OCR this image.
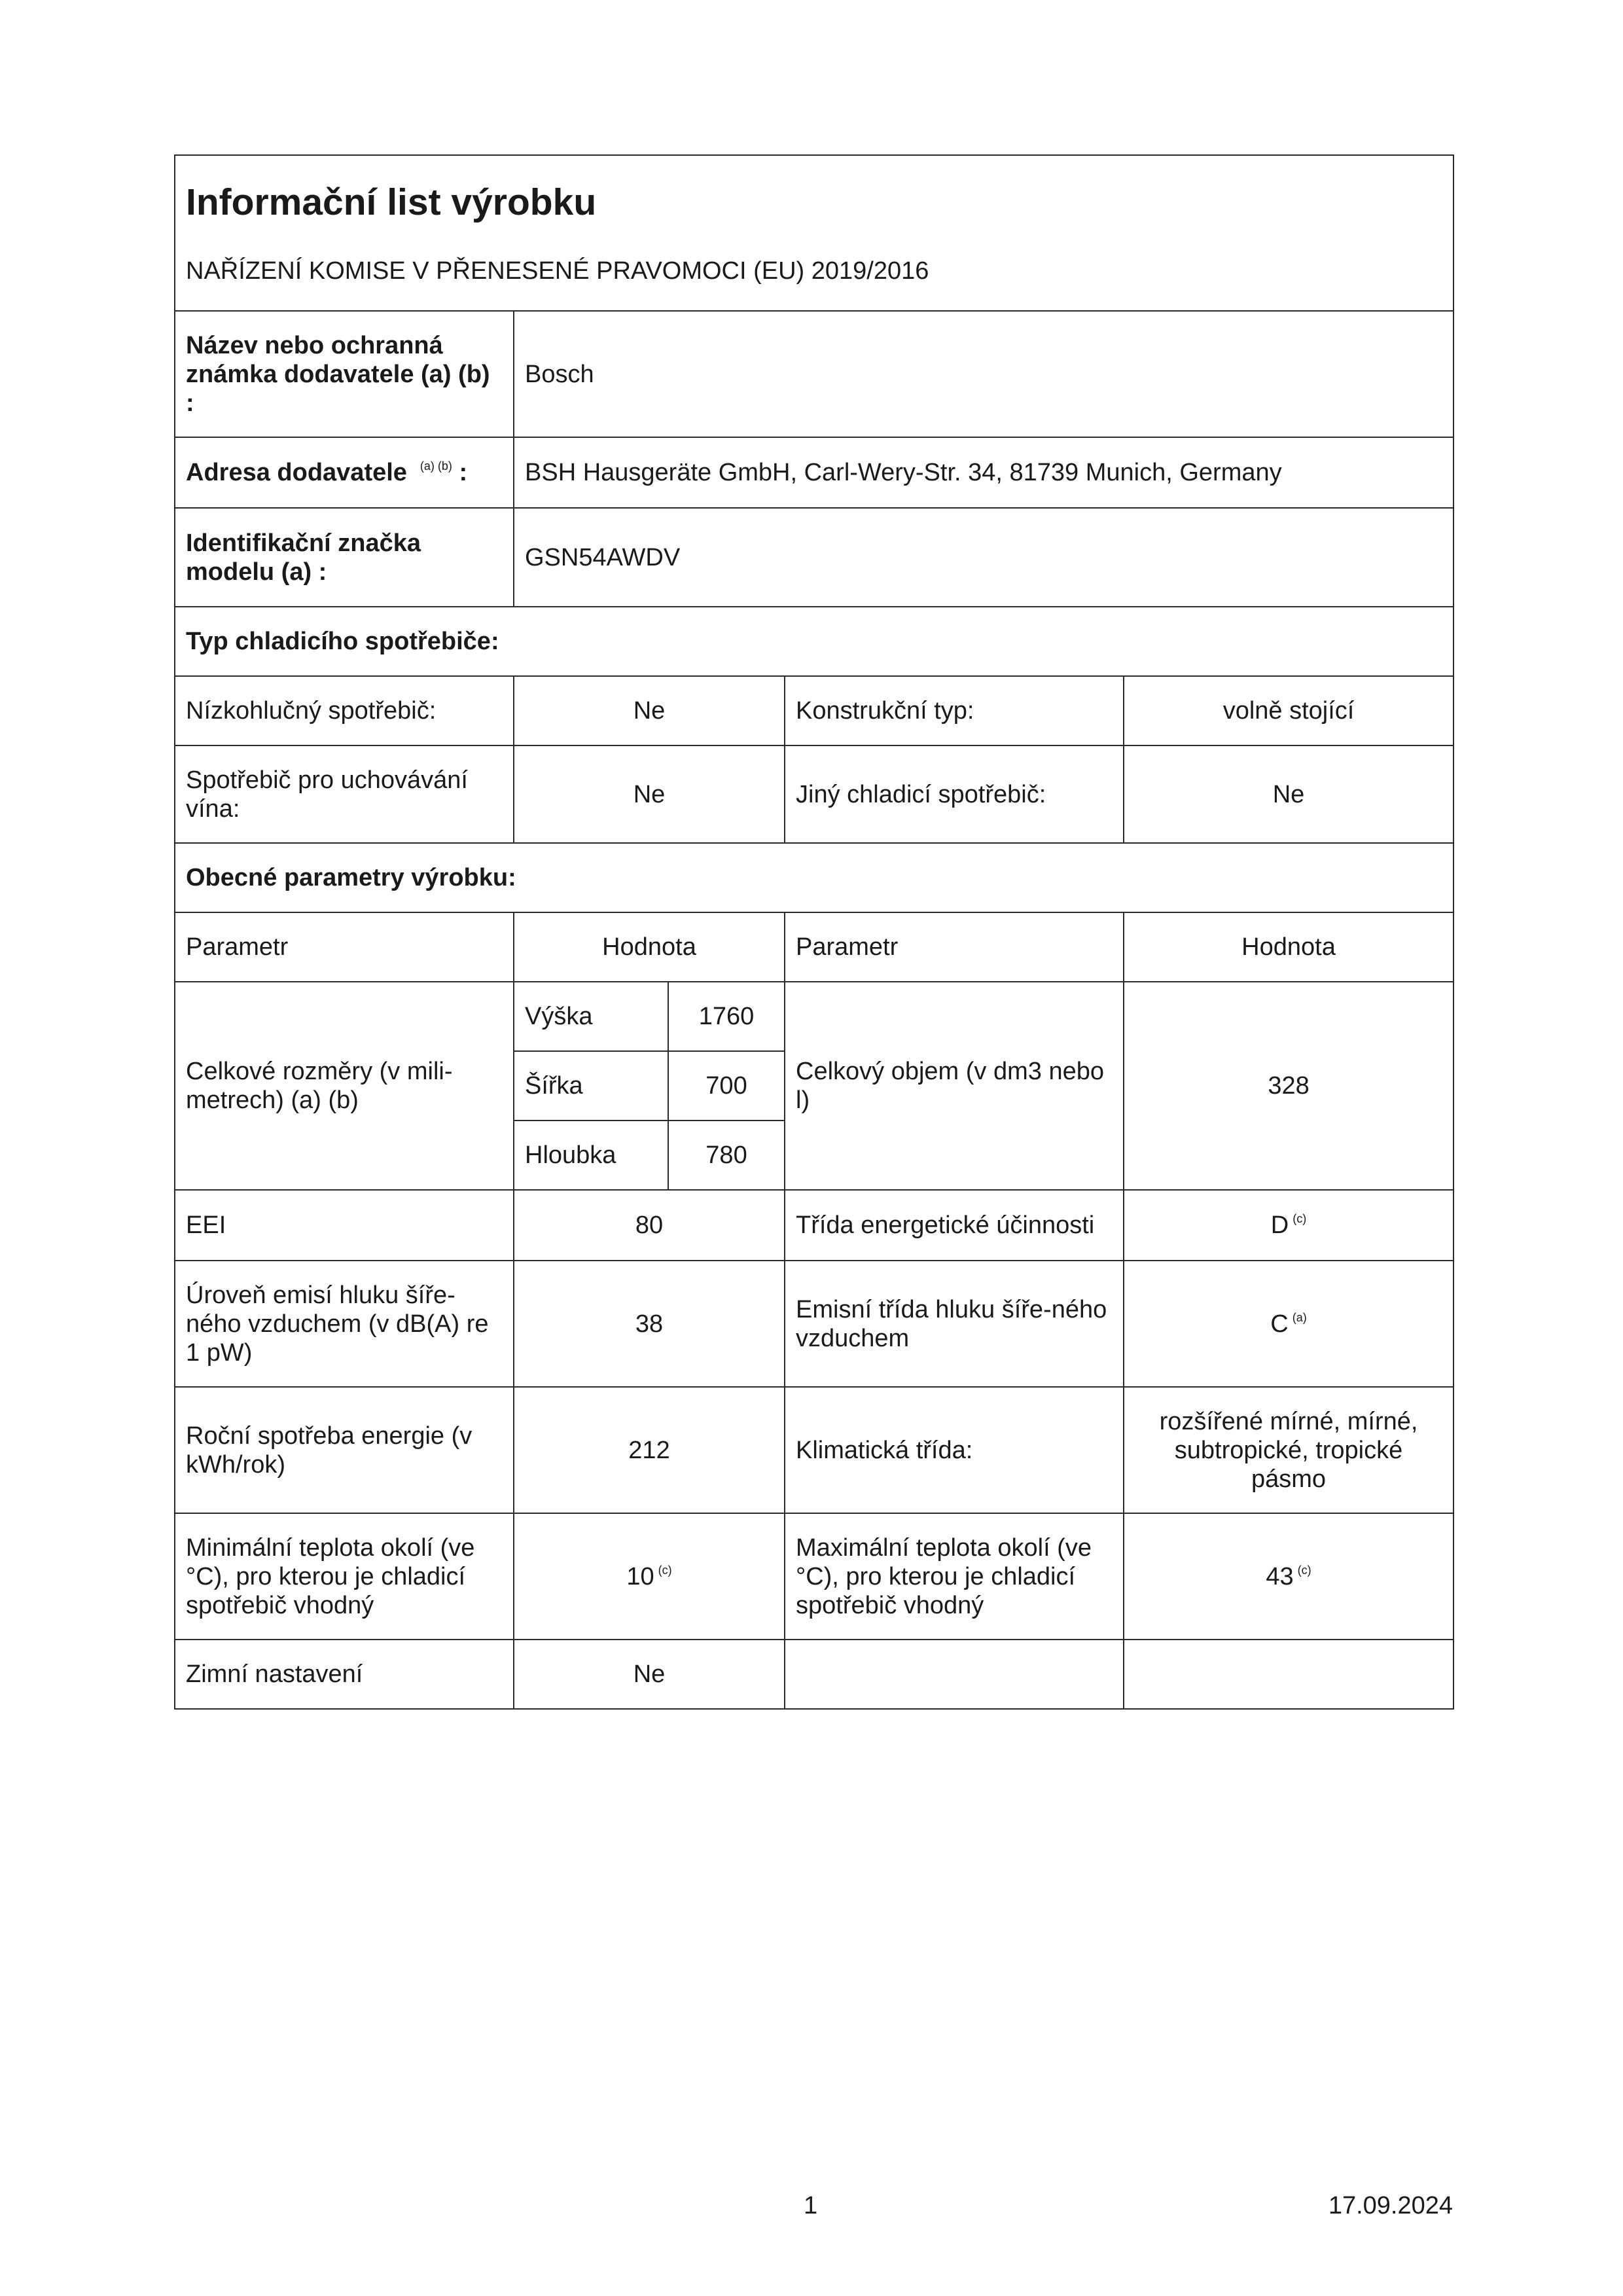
Informační list výrobku
NAŘÍZENÍ KOMISE V PŘENESENÉ PRAVOMOCI (EU) 2019/2016				

Název nebo ochranná známka dodavatele (a) (b) :	Bosch			
Adresa dodavatele $^{(a) (b)}$ :	BSH Hausgeräte GmbH, Carl-Wery-Str. 34, 81739 Munich, Germany			
Identifikační značka modelu (a) :	GSN54AWDV			
Typ chladicího spotřebiče:				
Nízkohlučný spotřebič:	Ne		Konstrukční typ:	volně stojící
Spotřebič pro uchovávání vína:	Ne		Jiný chladicí spotřebič:	Ne
Obecné parametry výrobku:				
Parametr	Hodnota		Parametr	Hodnota
Celkové rozměry (v mili-metrech) (a) (b)	Výška	1760	Celkový objem (v dm3 nebo l)	328
	Šířka	700		
	Hloubka	780		
EEI	80		Třída energetické účinnosti	D $^{(c)}$
Úroveň emisí hluku šíře-ného vzduchem (v dB(A) re 1 pW)	38		Emisní třída hluku šíře-ného vzduchem	C $^{(a)}$
Roční spotřeba energie (v kWh/rok)	212		Klimatická třída:	rozšířené mírné, mírné, subtropické, tropické pásmo
Minimální teplota okolí (ve °C), pro kterou je chladicí spotřebič vhodný	10 $^{(c)}$		Maximální teplota okolí (ve °C), pro kterou je chladicí spotřebič vhodný	43 $^{(c)}$
Zimní nastavení	Ne			
1	17.09.2024
